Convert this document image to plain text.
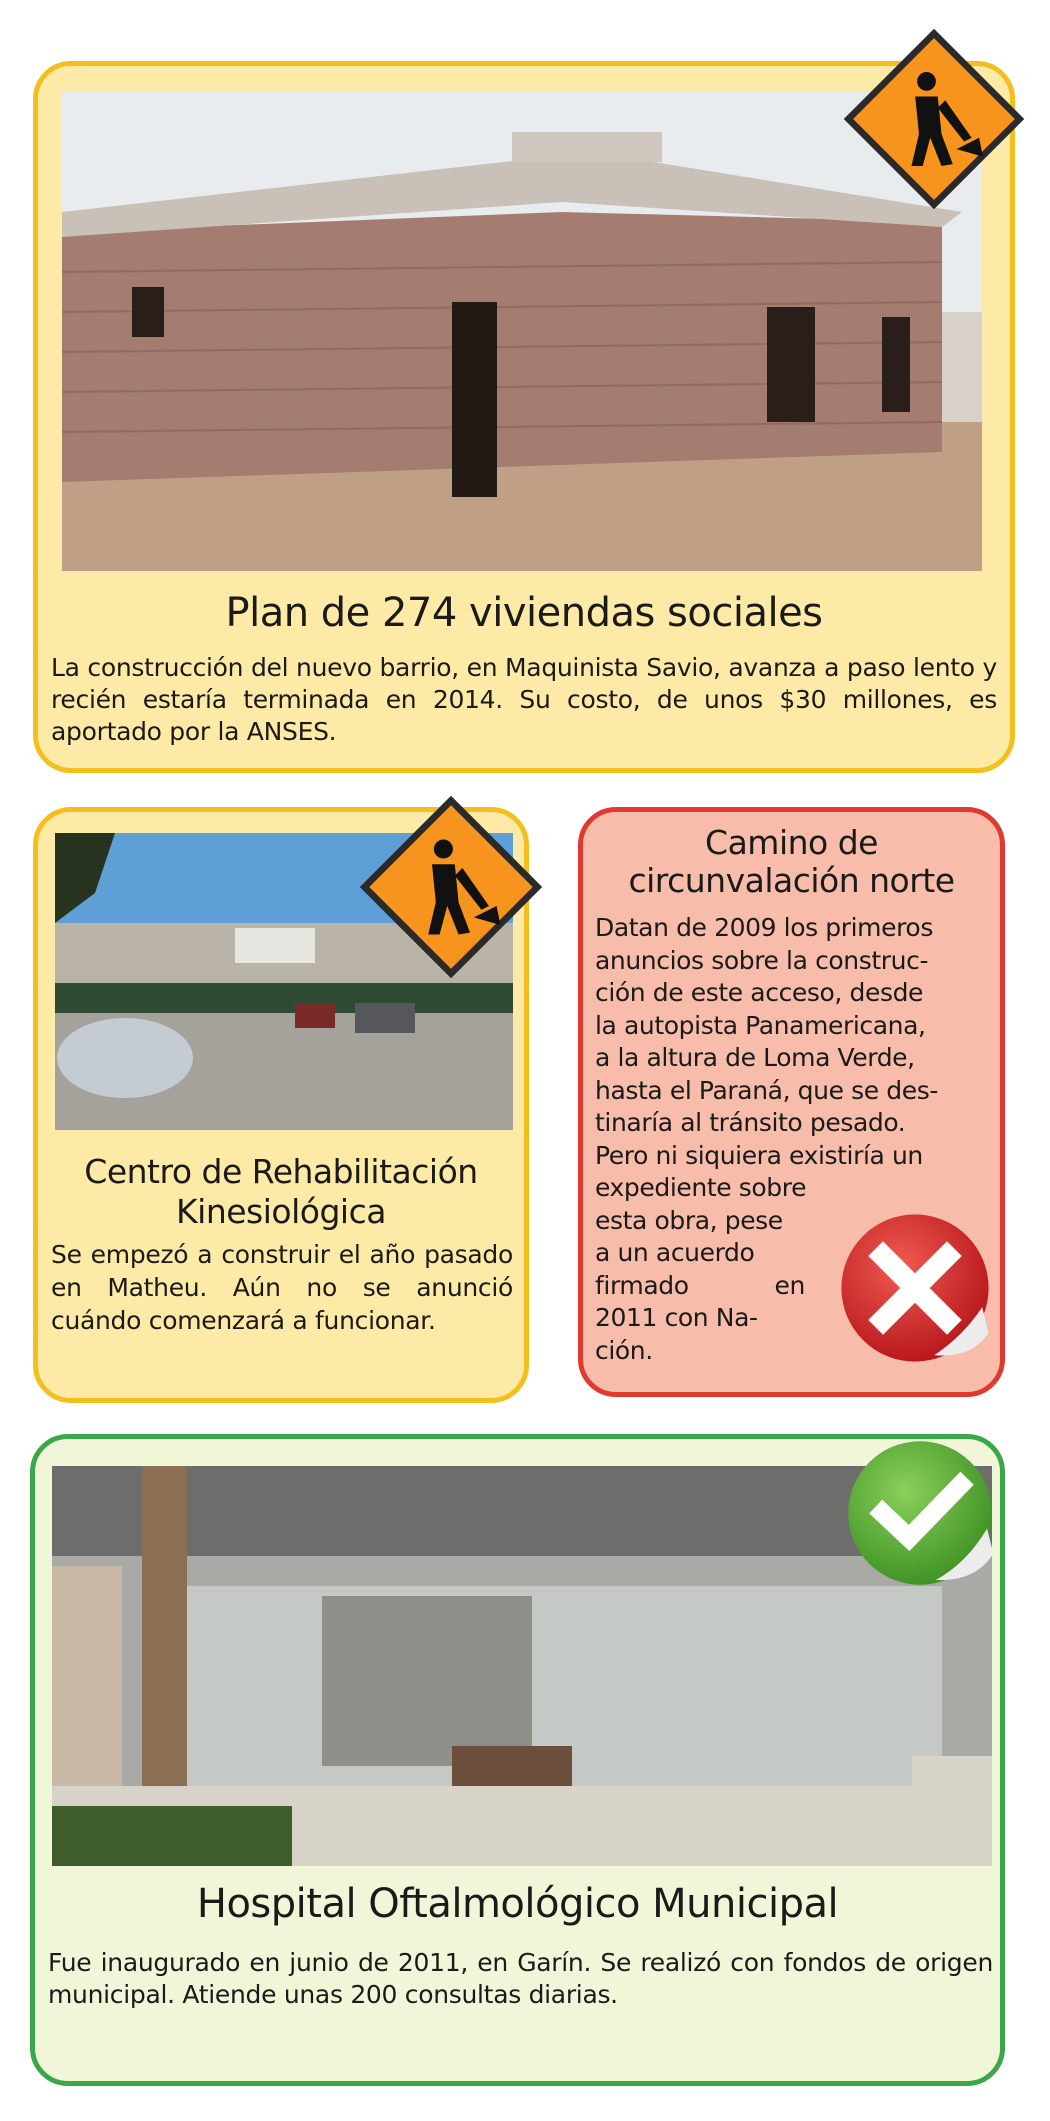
Plan de 274 viviendas sociales
La construcción del nuevo barrio, en Maquinista Savio, avanza a paso lento y recién estaría terminada en 2014. Su costo, de unos $30 millones, es aportado por la ANSES.
Centro de Rehabilitación
Kinesiológica
Se empezó a construir el año pasado en Matheu. Aún no se anunció cuándo comenzará a funcionar.
Camino de
circunvalación norte
Datan de 2009 los primeros
anuncios sobre la construc-
ción de este acceso, desde
la autopista Panamericana,
a la altura de Loma Verde,
hasta el Paraná, que se des-
tinaría al tránsito pesado.
Pero ni siquiera existiría un
expediente sobre
esta obra, pese
a un acuerdo
firmado en
2011 con Na-
ción.
Hospital Oftalmológico Municipal
Fue inaugurado en junio de 2011, en Garín. Se realizó con fondos de origen municipal. Atiende unas 200 consultas diarias.
